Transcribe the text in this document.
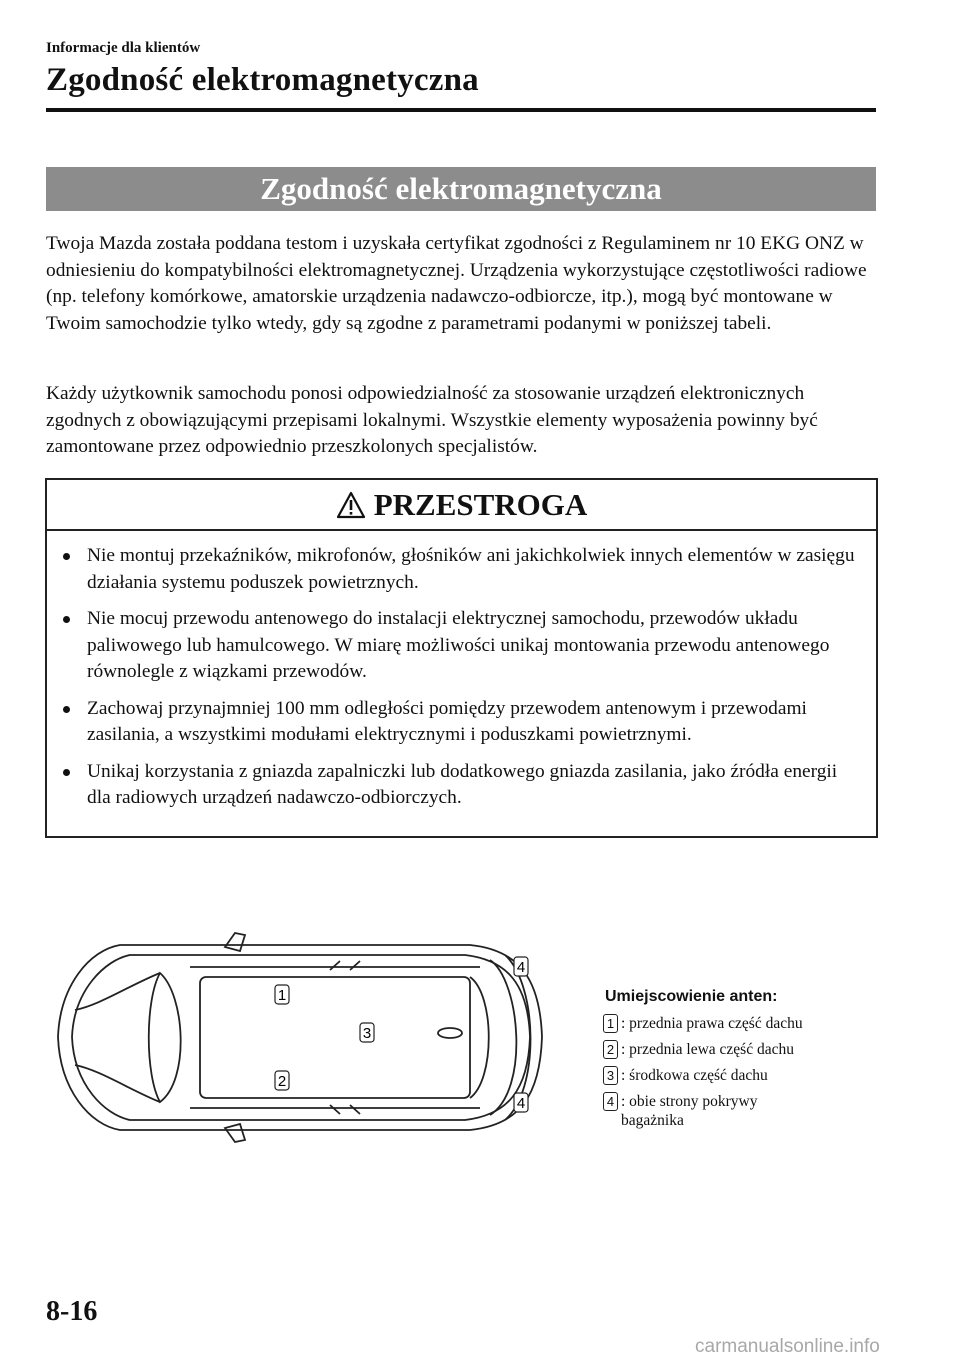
Informacje dla klientów
Zgodność elektromagnetyczna
Zgodność elektromagnetyczna

Twoja Mazda została poddana testom i uzyskała certyfikat zgodności z Regulaminem nr 10 EKG ONZ w odniesieniu do kompatybilności elektromagnetycznej. Urządzenia wykorzystujące częstotliwości radiowe (np. telefony komórkowe, amatorskie urządzenia nadawczo-odbiorcze, itp.), mogą być montowane w Twoim samochodzie tylko wtedy, gdy są zgodne z parametrami podanymi w poniższej tabeli.

Każdy użytkownik samochodu ponosi odpowiedzialność za stosowanie urządzeń elektronicznych zgodnych z obowiązującymi przepisami lokalnymi. Wszystkie elementy wyposażenia powinny być zamontowane przez odpowiednio przeszkolonych specjalistów.

PRZESTROGA
Nie montuj przekaźników, mikrofonów, głośników ani jakichkolwiek innych elementów w zasięgu działania systemu poduszek powietrznych.
Nie mocuj przewodu antenowego do instalacji elektrycznej samochodu, przewodów układu paliwowego lub hamulcowego. W miarę możliwości unikaj montowania przewodu antenowego równolegle z wiązkami przewodów.
Zachowaj przynajmniej 100 mm odległości pomiędzy przewodem antenowym i przewodami zasilania, a wszystkimi modułami elektrycznymi i poduszkami powietrznymi.
Unikaj korzystania z gniazda zapalniczki lub dodatkowego gniazda zasilania, jako źródła energii dla radiowych urządzeń nadawczo-odbiorczych.
1
2
3
4
4
Umiejscowienie anten:
1 : przednia prawa część dachu
2 : przednia lewa część dachu
3 : środkowa część dachu
4 : obie strony pokrywy
bagażnika
8-16
carmanualsonline.info
